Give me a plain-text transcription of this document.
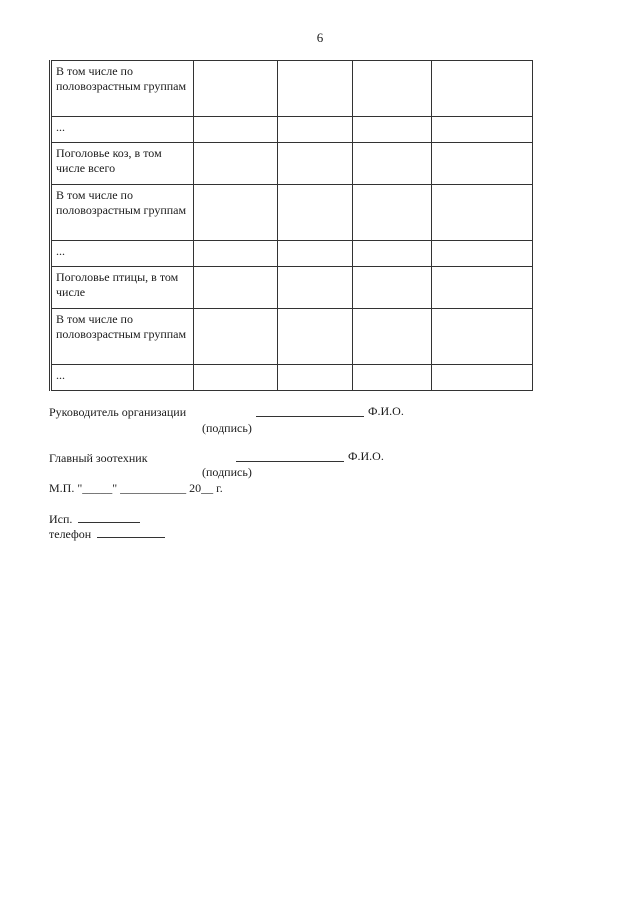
6
В том числе по половозрастным группам				
...				
Поголовье коз, в том числе всего				
В том числе по половозрастным группам				
...				
Поголовье птицы, в том числе				
В том числе по половозрастным группам				
...				
Руководитель организации	Ф.И.О.
(подпись)
Главный зоотехник	Ф.И.О.
(подпись)
М.П. "_____" ___________ 20__ г.
Исп.
телефон
